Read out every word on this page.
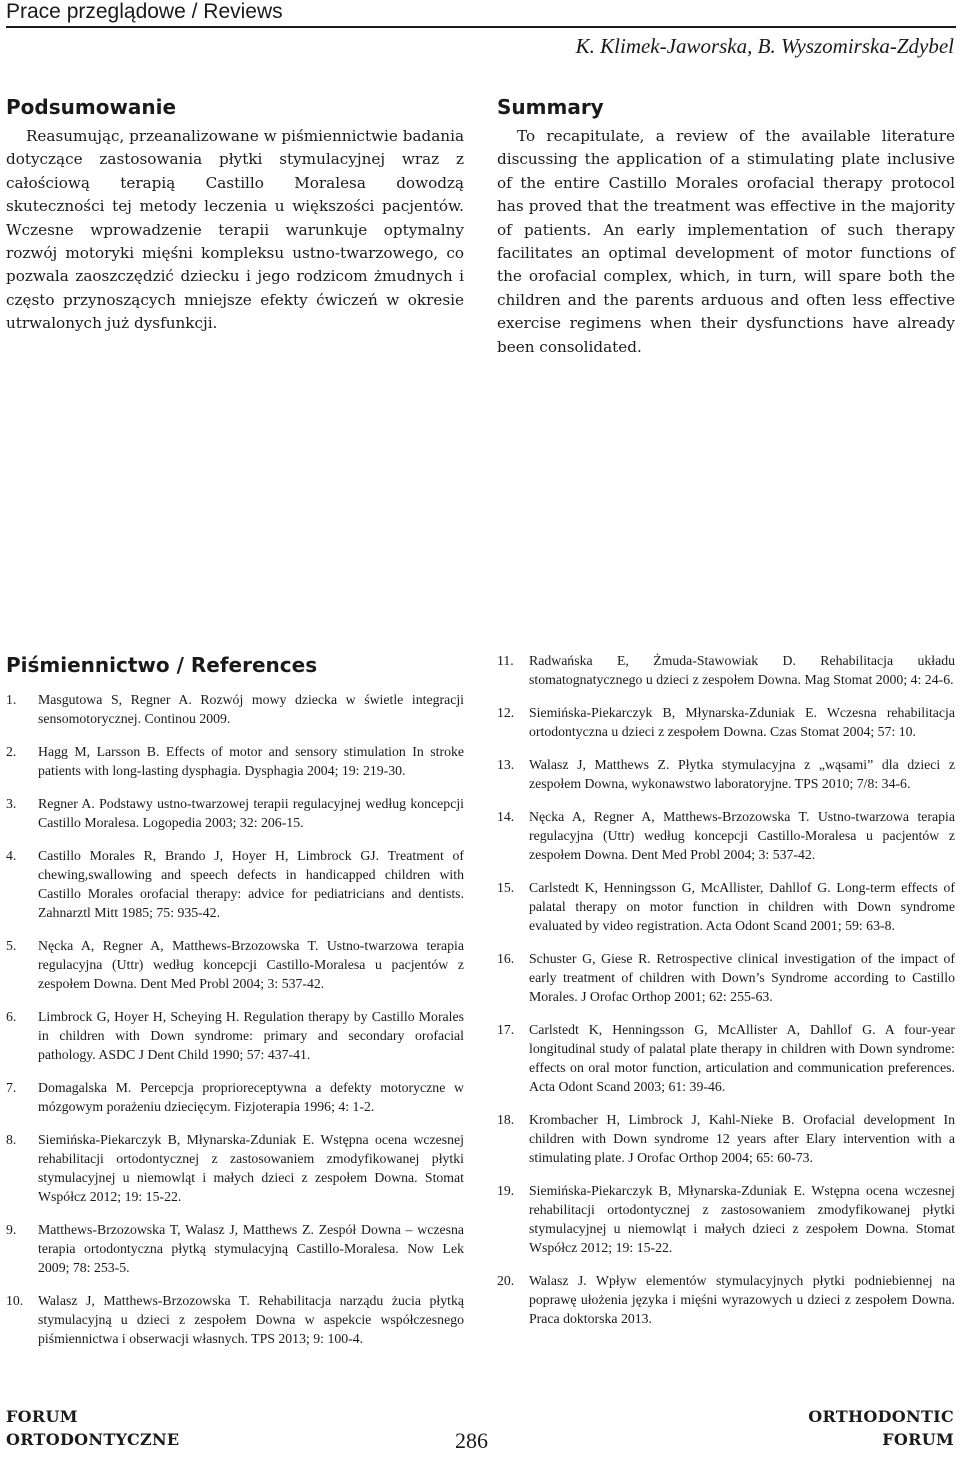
Prace przeglądowe / Reviews
K. Klimek-Jaworska, B. Wyszomirska-Zdybel
Podsumowanie

Reasumując, przeanalizowane w piśmiennictwie badania dotyczące zastosowania płytki stymulacyjnej wraz z całościową terapią Castillo Moralesa dowodzą skuteczności tej metody leczenia u większości pacjentów. Wczesne wprowadzenie terapii warunkuje optymalny rozwój motoryki mięśni kompleksu ustno-twarzowego, co pozwala zaoszczędzić dziecku i jego rodzicom żmudnych i często przynoszących mniejsze efekty ćwiczeń w okresie utrwalonych już dysfunkcji.

Summary

To recapitulate, a review of the available literature discussing the application of a stimulating plate inclusive of the entire Castillo Morales orofacial therapy protocol has proved that the treatment was effective in the majority of patients. An early implementation of such therapy facilitates an optimal development of motor functions of the orofacial complex, which, in turn, will spare both the children and the parents arduous and often less effective exercise regimens when their dysfunctions have already been consolidated.

Piśmiennictwo / References
1.	Masgutowa S, Regner A. Rozwój mowy dziecka w świetle integracji sensomotorycznej. Continou 2009.
2.	Hagg M, Larsson B. Effects of motor and sensory stimulation In stroke patients with long-lasting dysphagia. Dysphagia 2004; 19: 219-30.
3.	Regner A. Podstawy ustno-twarzowej terapii regulacyjnej według koncepcji Castillo Moralesa. Logopedia 2003; 32: 206-15.
4.	Castillo Morales R, Brando J, Hoyer H, Limbrock GJ. Treatment of chewing,swallowing and speech defects in handicapped children with Castillo Morales orofacial therapy: advice for pediatricians and dentists. Zahnarztl Mitt 1985; 75: 935-42.
5.	Nęcka A, Regner A, Matthews-Brzozowska T. Ustno-twarzowa terapia regulacyjna (Uttr) według koncepcji Castillo-Moralesa u pacjentów z zespołem Downa. Dent Med Probl 2004; 3: 537-42.
6.	Limbrock G, Hoyer H, Scheying H. Regulation therapy by Castillo Morales in children with Down syndrome: primary and secondary orofacial pathology. ASDC J Dent Child 1990; 57: 437-41.
7.	Domagalska M. Percepcja proprioreceptywna a defekty motoryczne w mózgowym porażeniu dziecięcym. Fizjoterapia 1996; 4: 1-2.
8.	Siemińska-Piekarczyk B, Młynarska-Zduniak E. Wstępna ocena wczesnej rehabilitacji ortodontycznej z zastosowaniem zmodyfikowanej płytki stymulacyjnej u niemowląt i małych dzieci z zespołem Downa. Stomat Współcz 2012; 19: 15-22.
9.	Matthews-Brzozowska T, Walasz J, Matthews Z. Zespół Downa – wczesna terapia ortodontyczna płytką stymulacyjną Castillo-Moralesa. Now Lek 2009; 78: 253-5.
10.	Walasz J, Matthews-Brzozowska T. Rehabilitacja narządu żucia płytką stymulacyjną u dzieci z zespołem Downa w aspekcie współczesnego piśmiennictwa i obserwacji własnych. TPS 2013; 9: 100-4.
11.	Radwańska E, Żmuda-Stawowiak D. Rehabilitacja układu stomatognatycznego u dzieci z zespołem Downa. Mag Stomat 2000; 4: 24-6.
12.	Siemińska-Piekarczyk B, Młynarska-Zduniak E. Wczesna rehabilitacja ortodontyczna u dzieci z zespołem Downa. Czas Stomat 2004; 57: 10.
13.	Walasz J, Matthews Z. Płytka stymulacyjna z „wąsami” dla dzieci z zespołem Downa, wykonawstwo laboratoryjne. TPS 2010; 7/8: 34-6.
14.	Nęcka A, Regner A, Matthews-Brzozowska T. Ustno-twarzowa terapia regulacyjna (Uttr) według koncepcji Castillo-Moralesa u pacjentów z zespołem Downa. Dent Med Probl 2004; 3: 537-42.
15.	Carlstedt K, Henningsson G, McAllister, Dahllof G. Long-term effects of palatal therapy on motor function in children with Down syndrome evaluated by video registration. Acta Odont Scand 2001; 59: 63-8.
16.	Schuster G, Giese R. Retrospective clinical investigation of the impact of early treatment of children with Down’s Syndrome according to Castillo Morales. J Orofac Orthop 2001; 62: 255-63.
17.	Carlstedt K, Henningsson G, McAllister A, Dahllof G. A four-year longitudinal study of palatal plate therapy in children with Down syndrome: effects on oral motor function, articulation and communication preferences. Acta Odont Scand 2003; 61: 39-46.
18.	Krombacher H, Limbrock J, Kahl-Nieke B. Orofacial development In children with Down syndrome 12 years after Elary intervention with a stimulating plate. J Orofac Orthop 2004; 65: 60-73.
19.	Siemińska-Piekarczyk B, Młynarska-Zduniak E. Wstępna ocena wczesnej rehabilitacji ortodontycznej z zastosowaniem zmodyfikowanej płytki stymulacyjnej u niemowląt i małych dzieci z zespołem Downa. Stomat Współcz 2012; 19: 15-22.
20.	Walasz J. Wpływ elementów stymulacyjnych płytki podniebiennej na poprawę ułożenia języka i mięśni wyrazowych u dzieci z zespołem Downa. Praca doktorska 2013.
FORUM
ORTODONTYCZNE	286
ORTHODONTIC
FORUM
